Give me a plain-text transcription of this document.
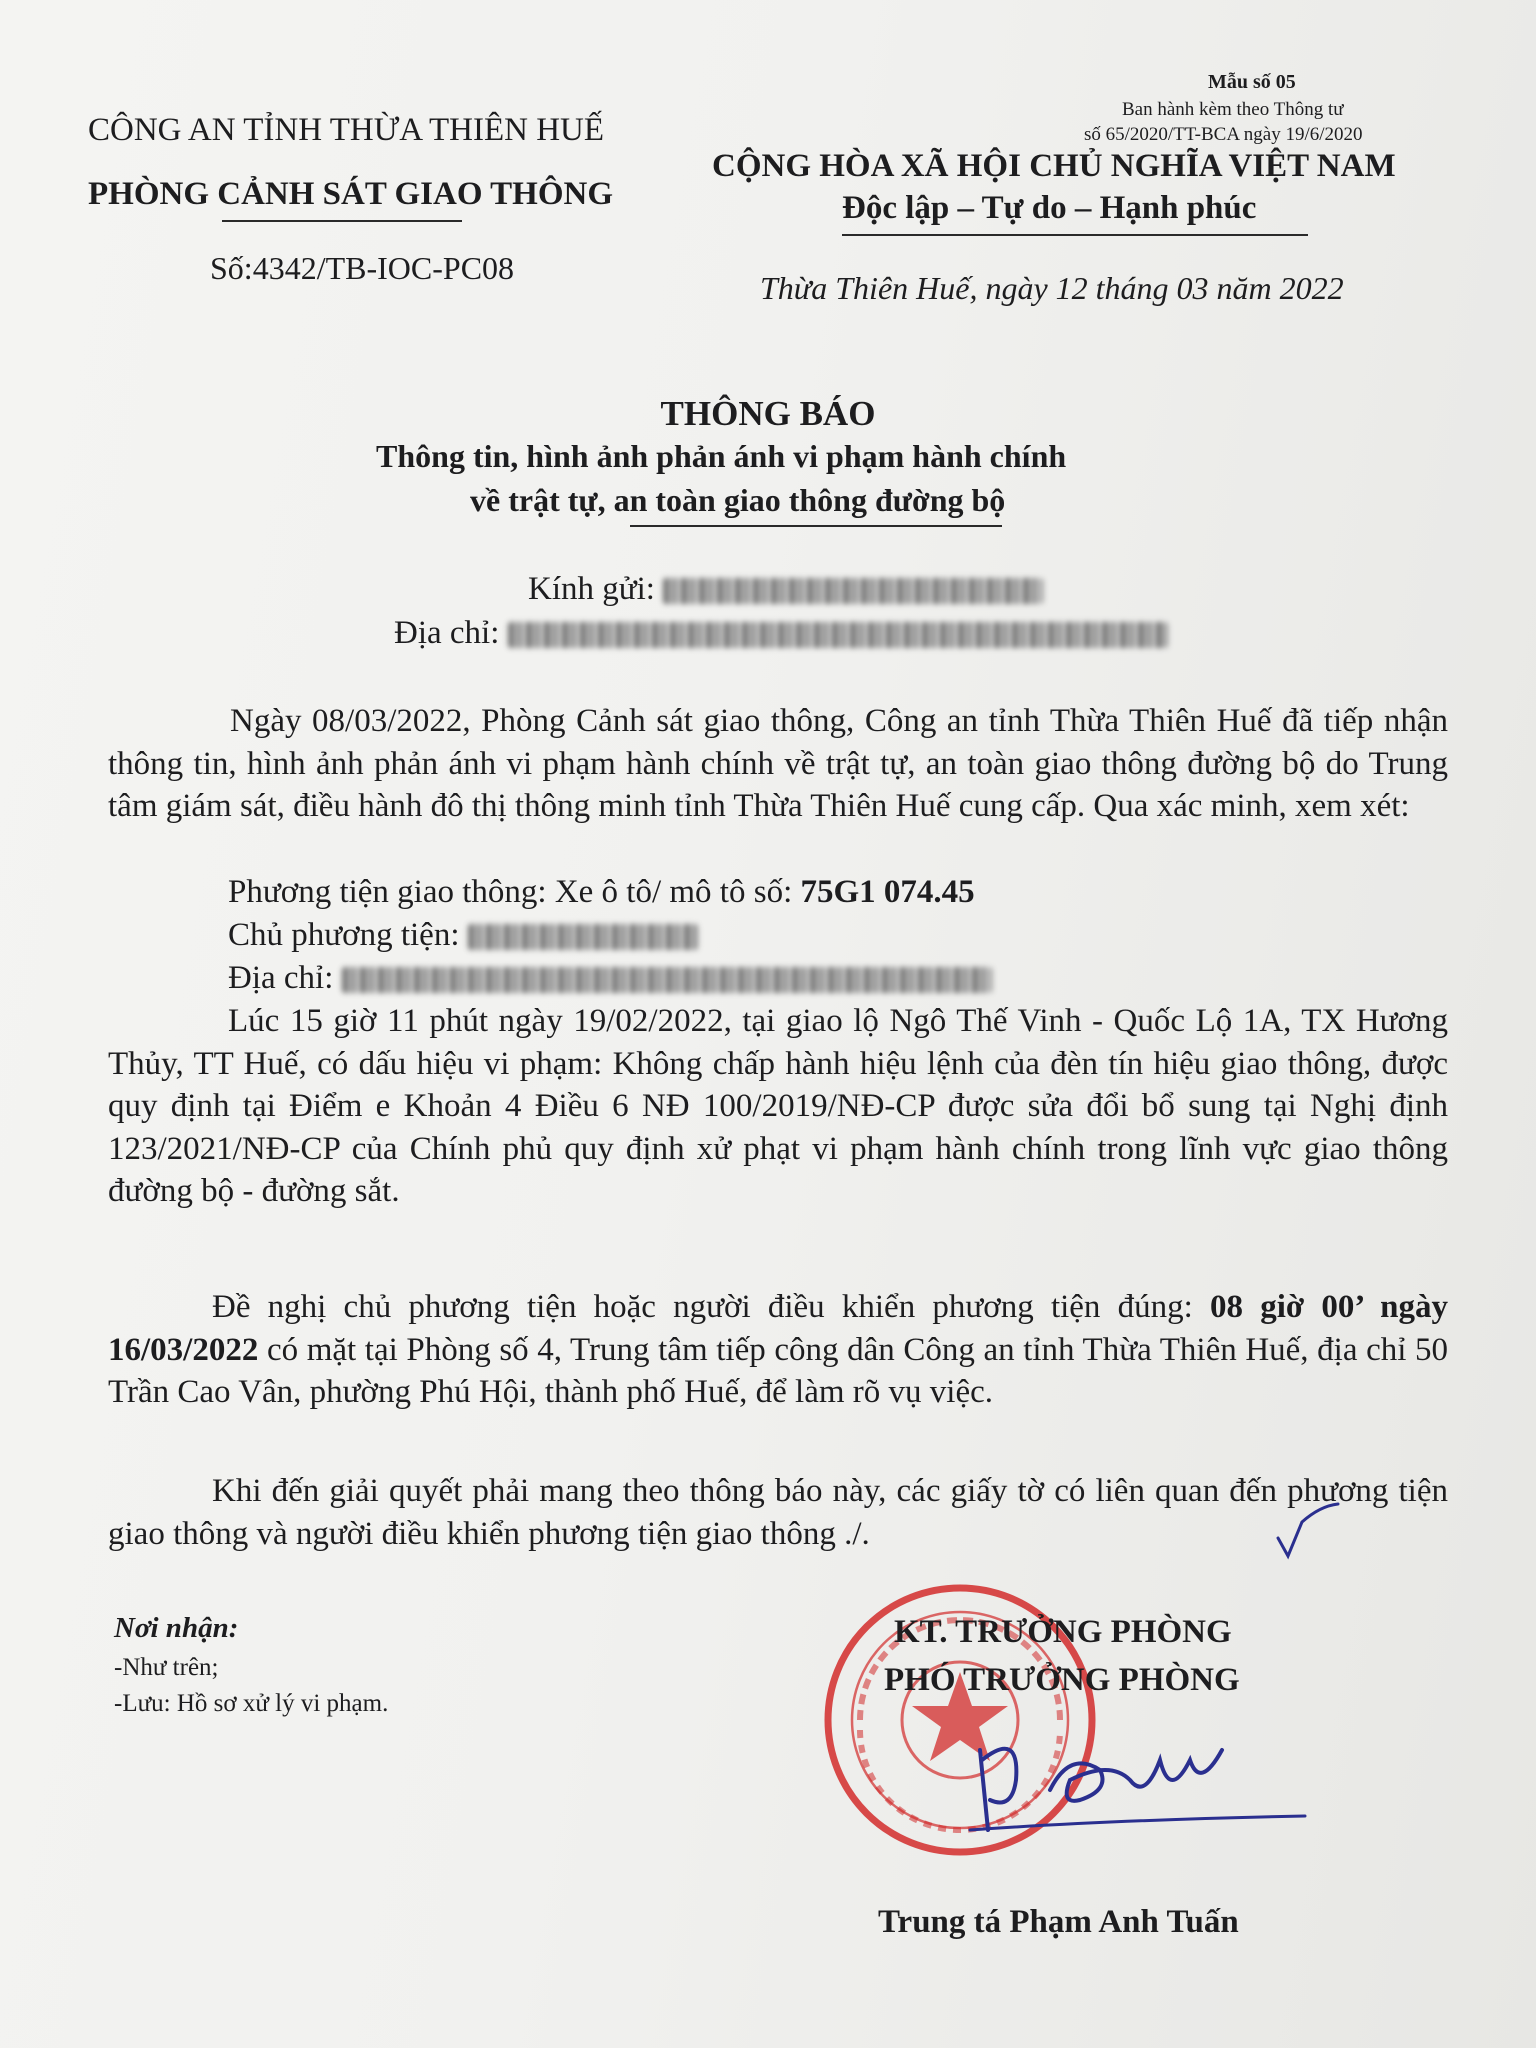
Mẫu số 05
Ban hành kèm theo Thông tư
số 65/2020/TT-BCA ngày 19/6/2020
CÔNG AN TỈNH THỪA THIÊN HUẾ
PHÒNG CẢNH SÁT GIAO THÔNG
Số:4342/TB-IOC-PC08
CỘNG HÒA XÃ HỘI CHỦ NGHĨA VIỆT NAM
Độc lập – Tự do – Hạnh phúc
Thừa Thiên Huế, ngày 12 tháng 03 năm 2022
THÔNG BÁO
Thông tin, hình ảnh phản ánh vi phạm hành chính
về trật tự, an toàn giao thông đường bộ
Kính gửi:
Địa chỉ:
Ngày 08/03/2022, Phòng Cảnh sát giao thông, Công an tỉnh Thừa Thiên Huế đã tiếp nhận thông tin, hình ảnh phản ánh vi phạm hành chính về trật tự, an toàn giao thông đường bộ do Trung tâm giám sát, điều hành đô thị thông minh tỉnh Thừa Thiên Huế cung cấp. Qua xác minh, xem xét:
Phương tiện giao thông: Xe ô tô/ mô tô số: 75G1 074.45
Chủ phương tiện:
Địa chỉ:
Lúc 15 giờ 11 phút ngày 19/02/2022, tại giao lộ Ngô Thế Vinh - Quốc Lộ 1A, TX Hương Thủy, TT Huế, có dấu hiệu vi phạm: Không chấp hành hiệu lệnh của đèn tín hiệu giao thông, được quy định tại Điểm e Khoản 4 Điều 6 NĐ 100/2019/NĐ-CP được sửa đổi bổ sung tại Nghị định 123/2021/NĐ-CP của Chính phủ quy định xử phạt vi phạm hành chính trong lĩnh vực giao thông đường bộ - đường sắt.
Đề nghị chủ phương tiện hoặc người điều khiển phương tiện đúng: 08 giờ 00’ ngày 16/03/2022 có mặt tại Phòng số 4, Trung tâm tiếp công dân Công an tỉnh Thừa Thiên Huế, địa chỉ 50 Trần Cao Vân, phường Phú Hội, thành phố Huế, để làm rõ vụ việc.
Khi đến giải quyết phải mang theo thông báo này, các giấy tờ có liên quan đến phương tiện giao thông và người điều khiển phương tiện giao thông ./.
Nơi nhận:
-Như trên;
-Lưu: Hồ sơ xử lý vi phạm.
KT. TRƯỞNG PHÒNG
PHÓ TRƯỞNG PHÒNG
Trung tá Phạm Anh Tuấn
